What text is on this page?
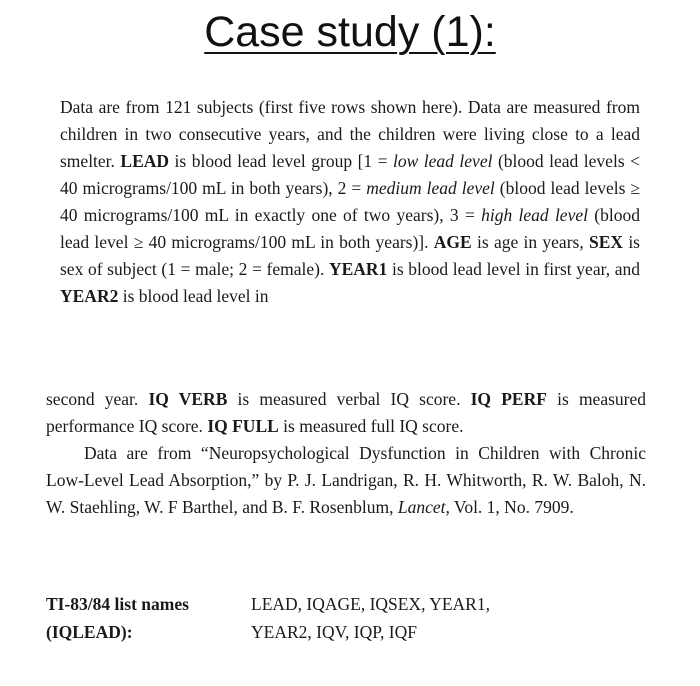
Case study (1):

Data are from 121 subjects (first five rows shown here). Data are measured from children in two consecutive years, and the children were living close to a lead smelter. LEAD is blood lead level group [1 = low lead level (blood lead levels < 40 micrograms/100 mL in both years), 2 = medium lead level (blood lead levels ≥ 40 micrograms/100 mL in exactly one of two years), 3 = high lead level (blood lead level ≥ 40 micrograms/100 mL in both years)]. AGE is age in years, SEX is sex of subject (1 = male; 2 = female). YEAR1 is blood lead level in first year, and YEAR2 is blood lead level in

second year. IQ VERB is measured verbal IQ score. IQ PERF is measured performance IQ score. IQ FULL is measured full IQ score.
Data are from “Neuropsychological Dysfunction in Children with Chronic Low-Level Lead Absorption,” by P. J. Landrigan, R. H. Whitworth, R. W. Baloh, N. W. Staehling, W. F Barthel, and B. F. Rosenblum, Lancet, Vol. 1, No. 7909.

TI-83/84 list names
(IQLEAD):
LEAD, IQAGE, IQSEX, YEAR1,
YEAR2, IQV, IQP, IQF
